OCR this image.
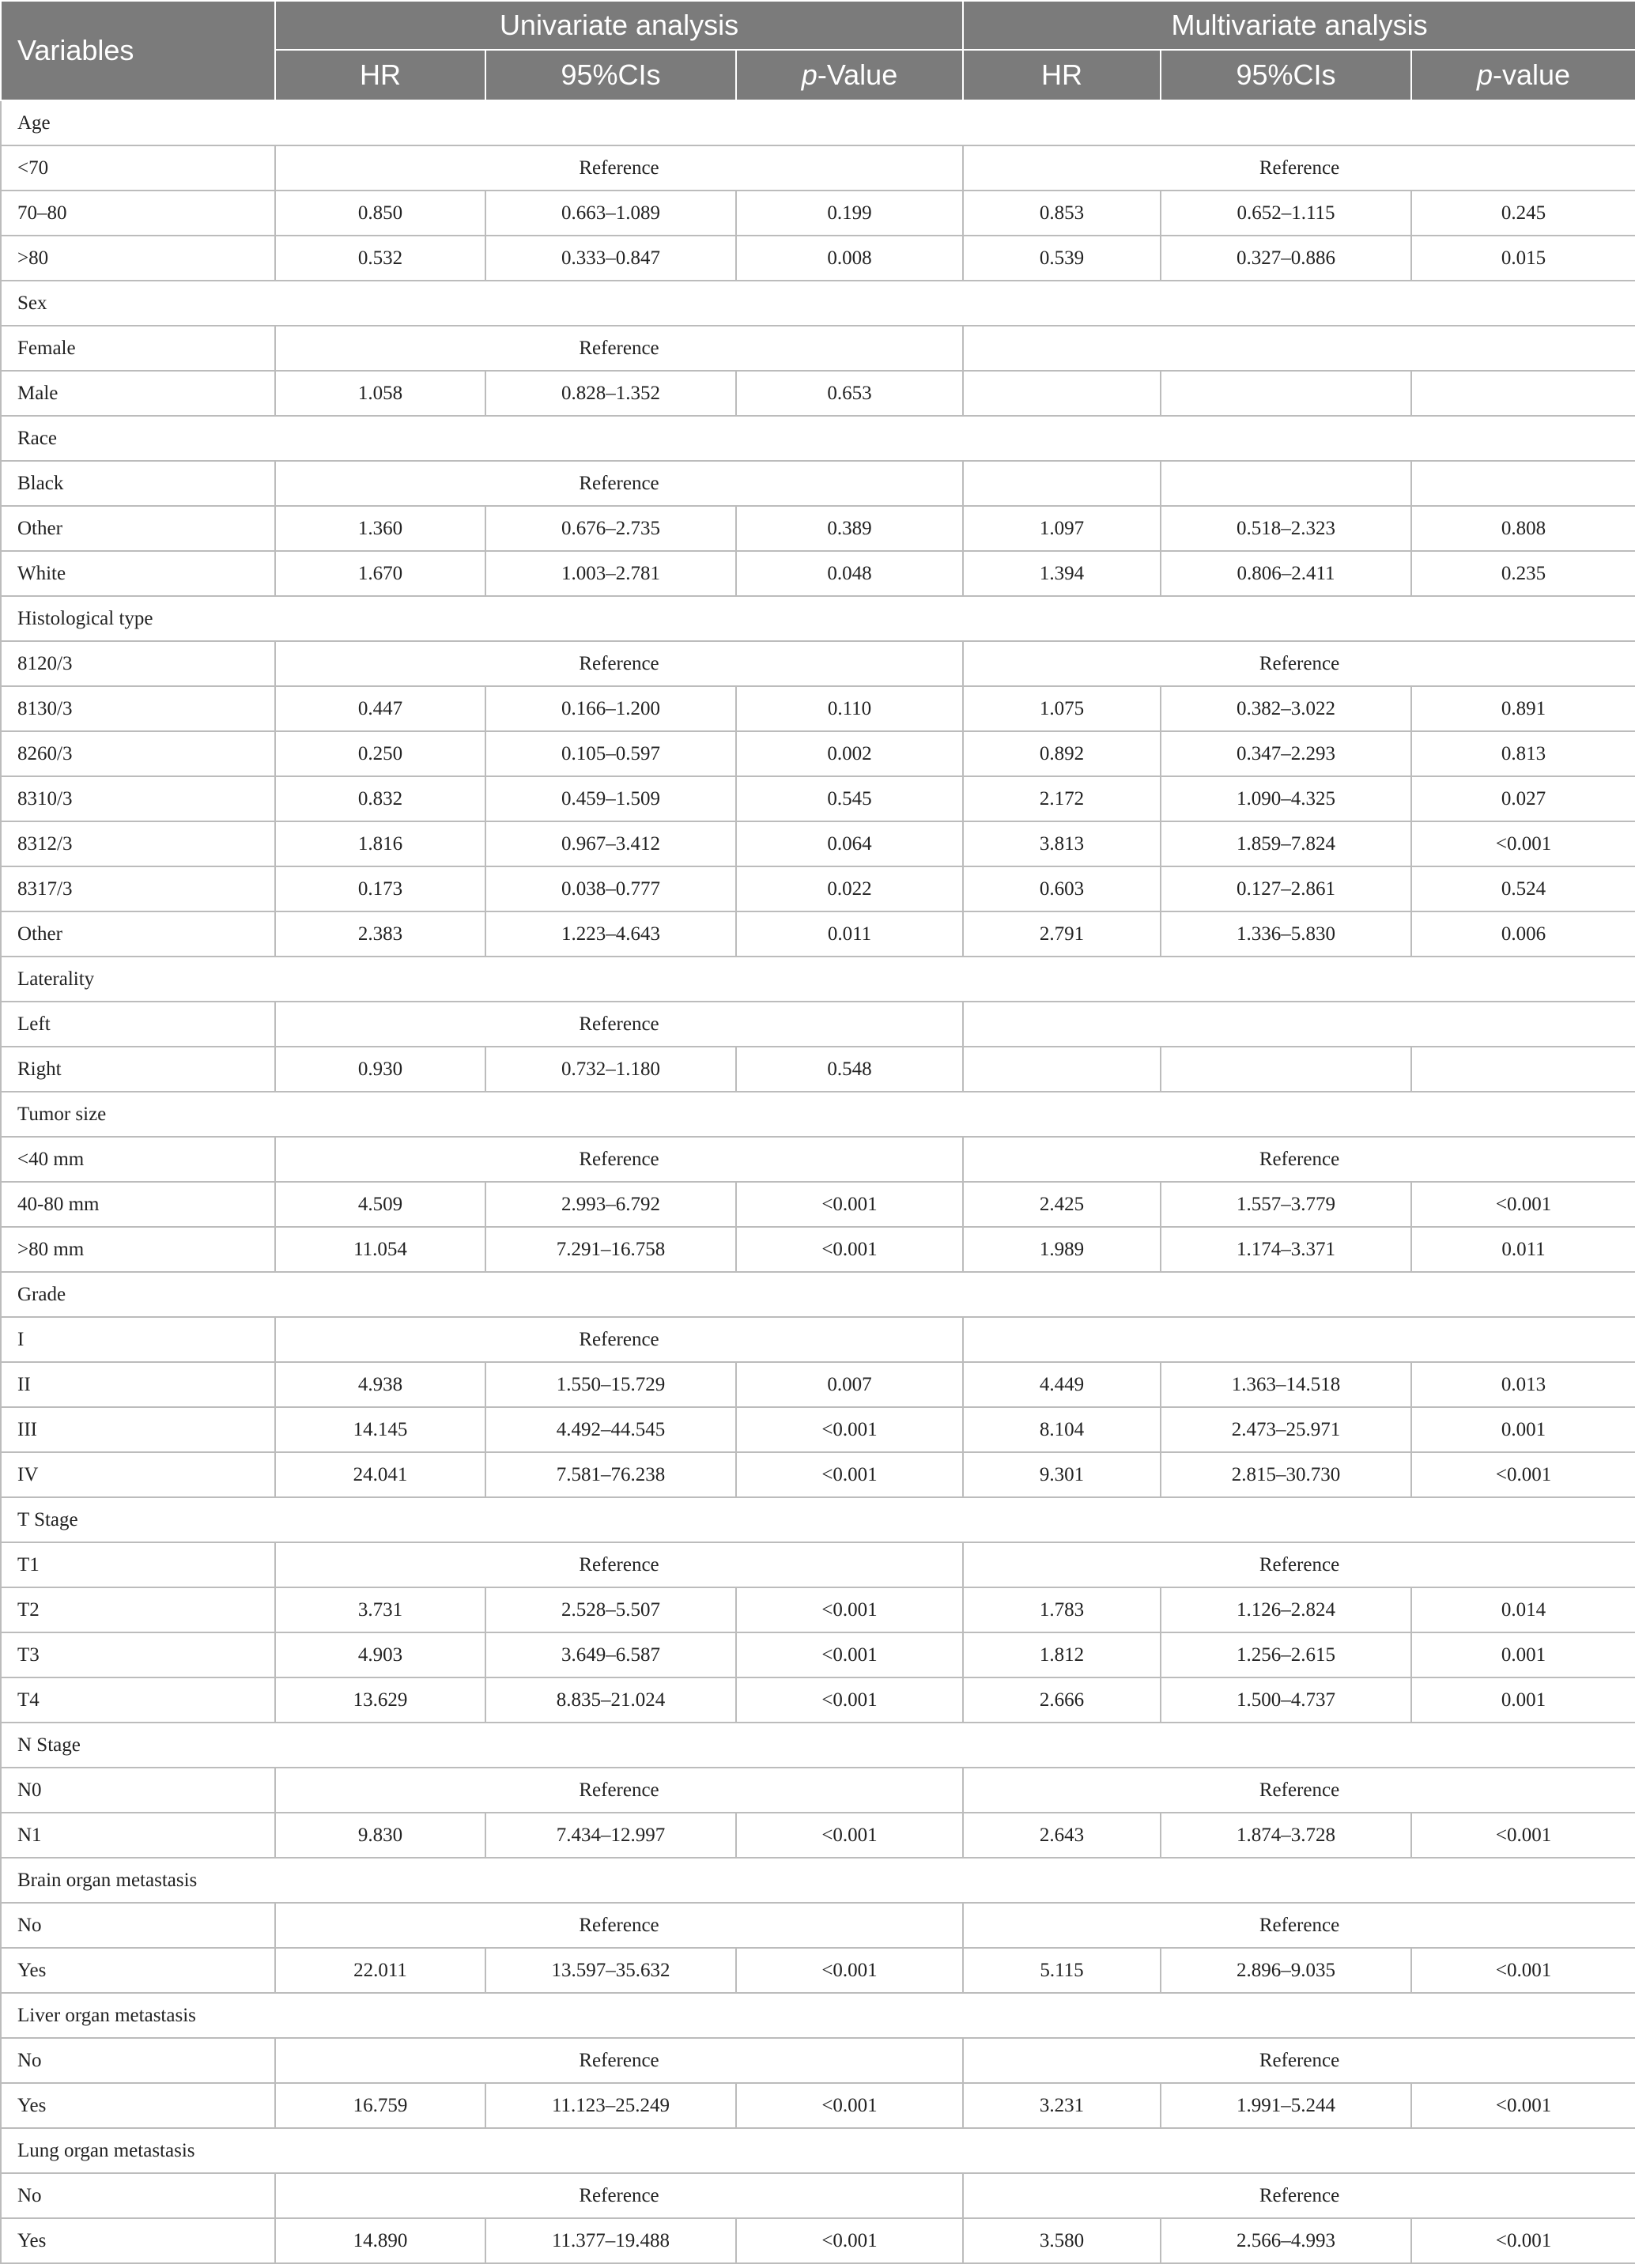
Variables	Univariate analysis			Multivariate analysis		
	HR	95%CIs	p-Value	HR	95%CIs	p-value
Age						
<70	Reference			Reference		
70–80	0.850	0.663–1.089	0.199	0.853	0.652–1.115	0.245
>80	0.532	0.333–0.847	0.008	0.539	0.327–0.886	0.015
Sex						
Female	Reference					
Male	1.058	0.828–1.352	0.653			
Race						
Black	Reference					
Other	1.360	0.676–2.735	0.389	1.097	0.518–2.323	0.808
White	1.670	1.003–2.781	0.048	1.394	0.806–2.411	0.235
Histological type						
8120/3	Reference			Reference		
8130/3	0.447	0.166–1.200	0.110	1.075	0.382–3.022	0.891
8260/3	0.250	0.105–0.597	0.002	0.892	0.347–2.293	0.813
8310/3	0.832	0.459–1.509	0.545	2.172	1.090–4.325	0.027
8312/3	1.816	0.967–3.412	0.064	3.813	1.859–7.824	<0.001
8317/3	0.173	0.038–0.777	0.022	0.603	0.127–2.861	0.524
Other	2.383	1.223–4.643	0.011	2.791	1.336–5.830	0.006
Laterality						
Left	Reference					
Right	0.930	0.732–1.180	0.548			
Tumor size						
<40 mm	Reference			Reference		
40-80 mm	4.509	2.993–6.792	<0.001	2.425	1.557–3.779	<0.001
>80 mm	11.054	7.291–16.758	<0.001	1.989	1.174–3.371	0.011
Grade						
I	Reference					
II	4.938	1.550–15.729	0.007	4.449	1.363–14.518	0.013
III	14.145	4.492–44.545	<0.001	8.104	2.473–25.971	0.001
IV	24.041	7.581–76.238	<0.001	9.301	2.815–30.730	<0.001
T Stage						
T1	Reference			Reference		
T2	3.731	2.528–5.507	<0.001	1.783	1.126–2.824	0.014
T3	4.903	3.649–6.587	<0.001	1.812	1.256–2.615	0.001
T4	13.629	8.835–21.024	<0.001	2.666	1.500–4.737	0.001
N Stage						
N0	Reference			Reference		
N1	9.830	7.434–12.997	<0.001	2.643	1.874–3.728	<0.001
Brain organ metastasis						
No	Reference			Reference		
Yes	22.011	13.597–35.632	<0.001	5.115	2.896–9.035	<0.001
Liver organ metastasis						
No	Reference			Reference		
Yes	16.759	11.123–25.249	<0.001	3.231	1.991–5.244	<0.001
Lung organ metastasis						
No	Reference			Reference		
Yes	14.890	11.377–19.488	<0.001	3.580	2.566–4.993	<0.001
